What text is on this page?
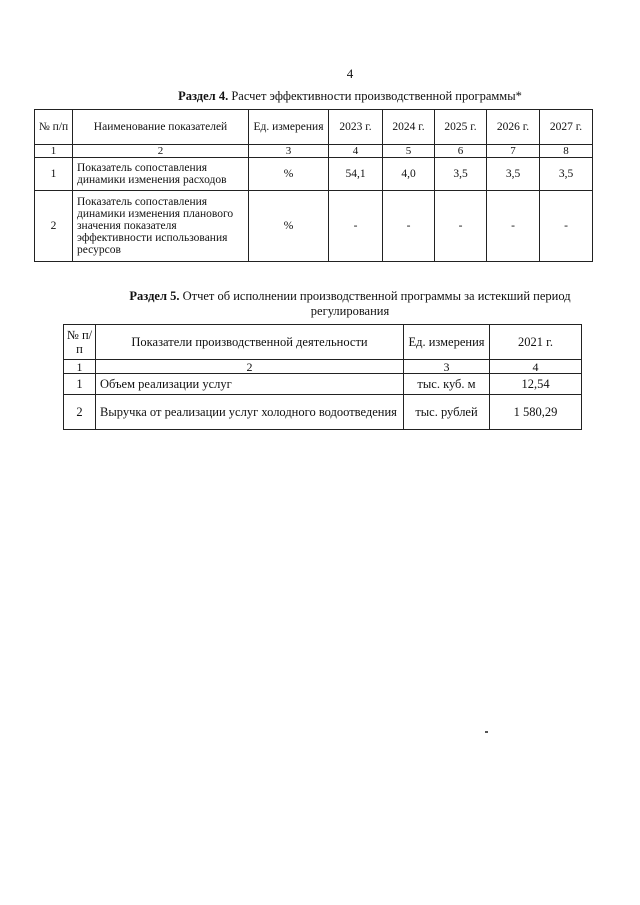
4
Раздел 4. Расчет эффективности производственной программы*
№ п/п	Наименование показателей	Ед. измерения	2023 г.	2024 г.	2025 г.	2026 г.	2027 г.
1	2	3	4	5	6	7	8
1	Показатель сопоставления динамики изменения расходов	%	54,1	4,0	3,5	3,5	3,5
2	Показатель сопоставления динамики изменения планового значения показателя эффективности использования ресурсов	%	-	-	-	-	-
Раздел 5. Отчет об исполнении производственной программы за истекший период
регулирования
№ п/п	Показатели производственной деятельности	Ед. измерения	2021 г.
1	2	3	4
1	Объем реализации услуг	тыс. куб. м	12,54
2	Выручка от реализации услуг холодного водоотведения	тыс. рублей	1 580,29
